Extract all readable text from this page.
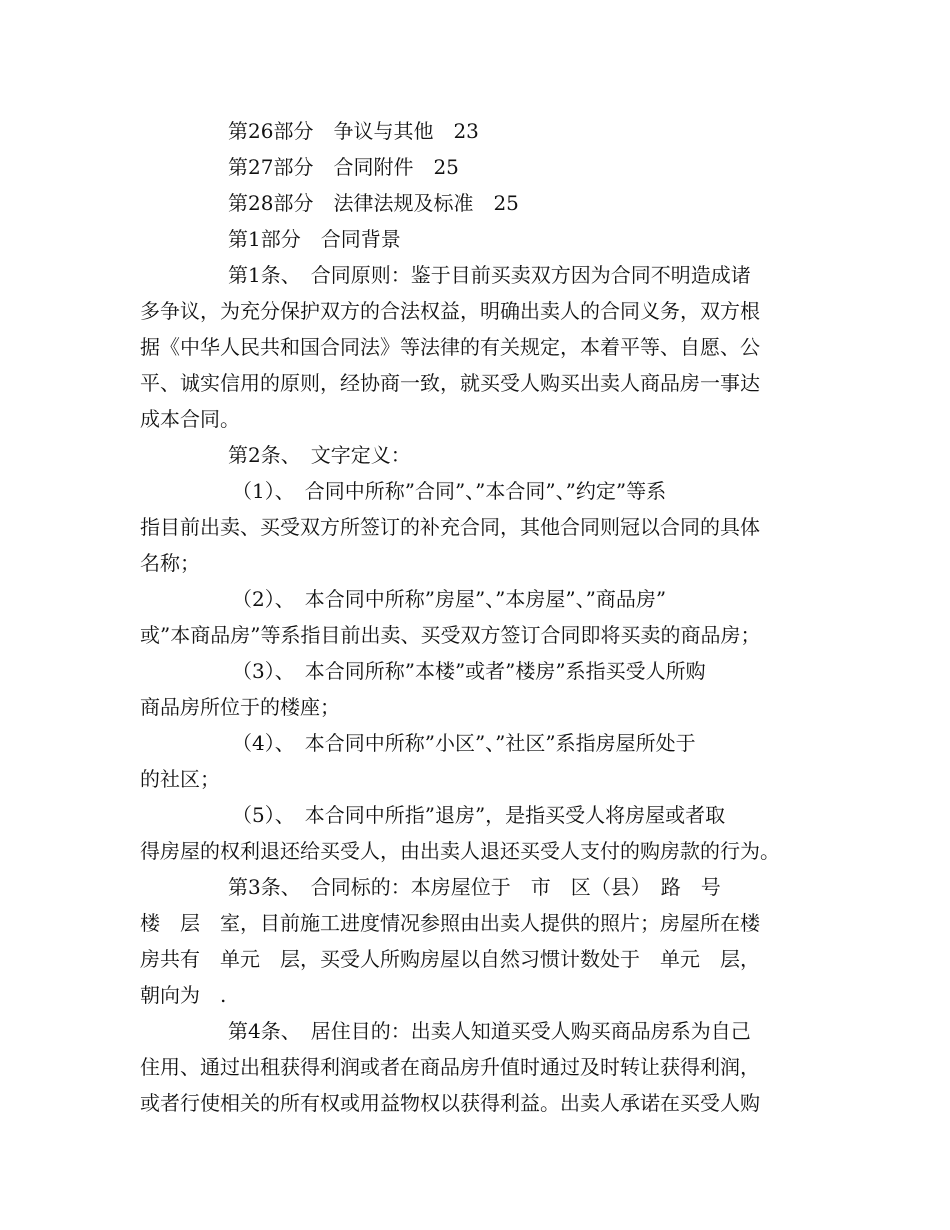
第26部分　争议与其他　23
第27部分　合同附件　25
第28部分　法律法规及标准　25
第1部分　合同背景
第1条、　合同原则：鉴于目前买卖双方因为合同不明造成诸
多争议，为充分保护双方的合法权益，明确出卖人的合同义务，双方根
据《中华人民共和国合同法》等法律的有关规定，本着平等、自愿、公
平、诚实信用的原则，经协商一致，就买受人购买出卖人商品房一事达
成本合同。
第2条、　文字定义：
（1）、　合同中所称”合同”、”本合同”、”约定”等系
指目前出卖、买受双方所签订的补充合同，其他合同则冠以合同的具体
名称；
（2）、　本合同中所称”房屋”、”本房屋”、”商品房”
或”本商品房”等系指目前出卖、买受双方签订合同即将买卖的商品房；
（3）、　本合同所称”本楼”或者”楼房”系指买受人所购
商品房所位于的楼座；
（4）、　本合同中所称”小区”、”社区”系指房屋所处于
的社区；
（5）、　本合同中所指”退房”，是指买受人将房屋或者取
得房屋的权利退还给买受人，由出卖人退还买受人支付的购房款的行为。
第3条、　合同标的：本房屋位于　市　区（县）　路　号
楼　层　室，目前施工进度情况参照由出卖人提供的照片；房屋所在楼
房共有　单元　层，买受人所购房屋以自然习惯计数处于　单元　层，
朝向为　.
第4条、　居住目的：出卖人知道买受人购买商品房系为自己
住用、通过出租获得利润或者在商品房升值时通过及时转让获得利润，
或者行使相关的所有权或用益物权以获得利益。出卖人承诺在买受人购
